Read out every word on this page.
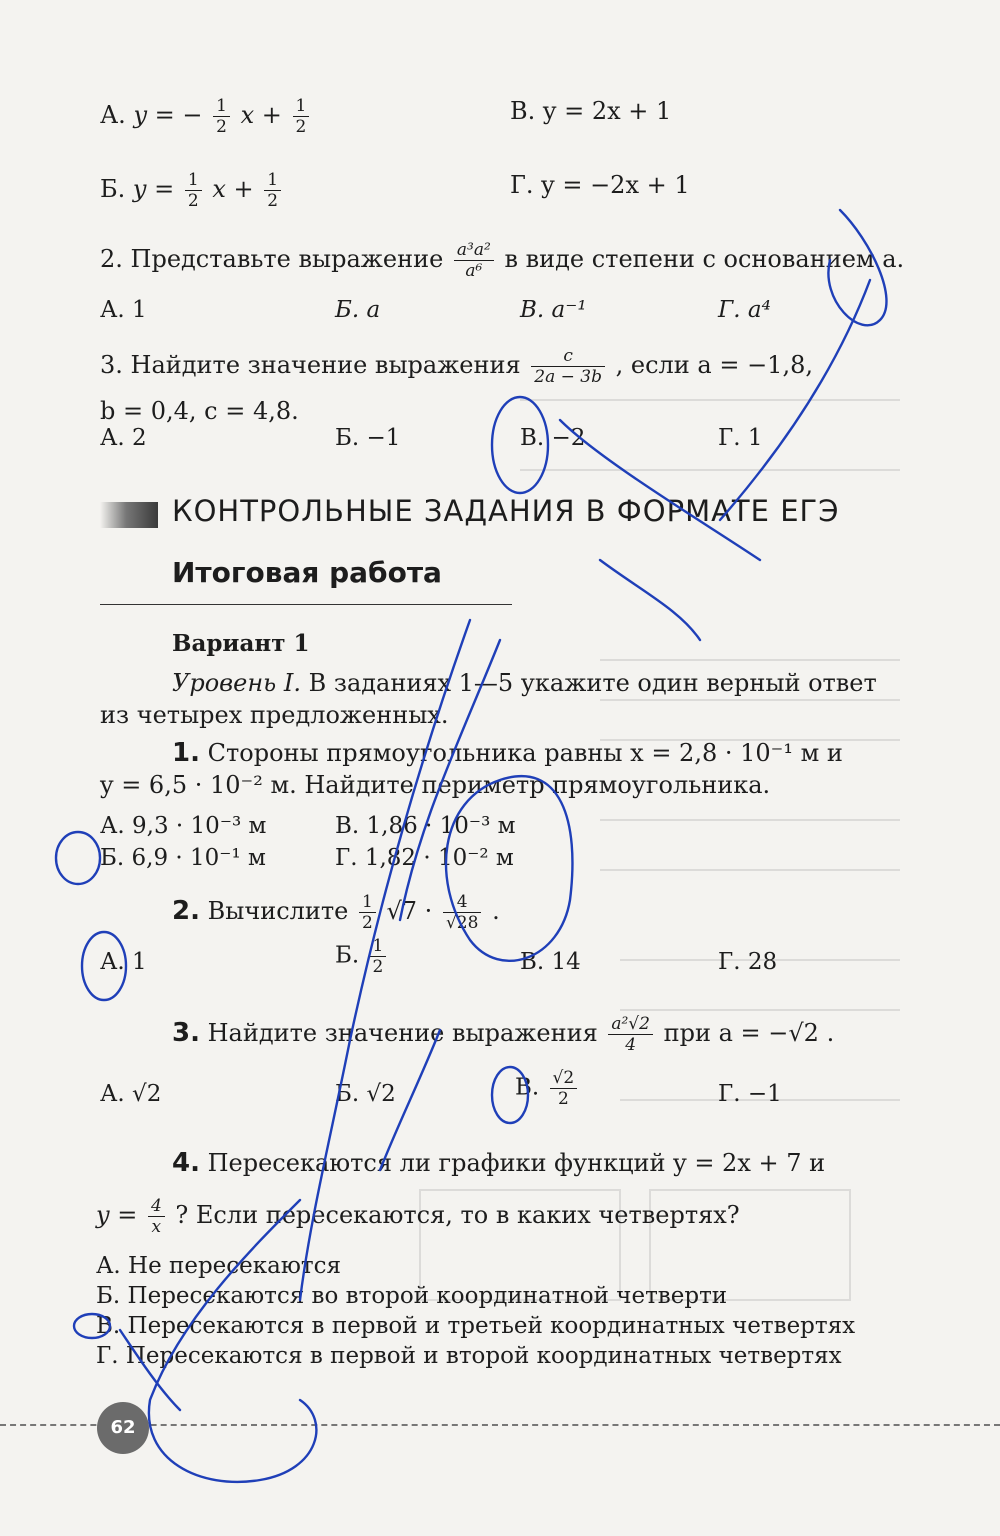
А. y = − $\frac{1}{2}$ $x + \frac{1}{2}$	В. y = 2x + 1
Б. $y = \frac{1}{2}$ $x + \frac{1}{2}$	Г. y = −2x + 1
2. Представьте выражение $\frac{\text{a³a²}}{\text{a⁶}}$ в виде степени с основанием a.
А. 1	Б. a	В. a⁻¹	Г. a⁴
3. Найдите значение выражения $\frac{c}{2a - 3b}$ , если a = −1,8,
b = 0,4, c = 4,8.
А. 2	Б. −1	В. −2	Г. 1
КОНТРОЛЬНЫЕ ЗАДАНИЯ В ФОРМАТЕ ЕГЭ
Итоговая работа
Вариант 1
Уровень I. В заданиях 1—5 укажите один верный ответ
из четырех предложенных.
1. Стороны прямоугольника равны x = 2,8 · 10⁻¹ м и
y = 6,5 · 10⁻² м. Найдите периметр прямоугольника.
А. 9,3 · 10⁻³ м	В. 1,86 · 10⁻³ м
Б. 6,9 · 10⁻¹ м	Г. 1,82 · 10⁻² м
2. Вычислите $\frac{1}{2} √7 \cdot \frac{4}{√28}$ .
А. 1	Б. $\frac{1}{2}$	В. 14	Г. 28
3. Найдите значение выражения $\frac{\text{a²√2}}{4}$ при a = −√2 .
А. √2	Б. √2	В. $\frac{√2}{2}$	Г. −1
4. Пересекаются ли графики функций y = 2x + 7 и
$y = \frac{4}{x}$ ? Если пересекаются, то в каких четвертях?
А. Не пересекаются
Б. Пересекаются во второй координатной четверти
В. Пересекаются в первой и третьей координатных четвертях
Г. Пересекаются в первой и второй координатных четвертях
62
